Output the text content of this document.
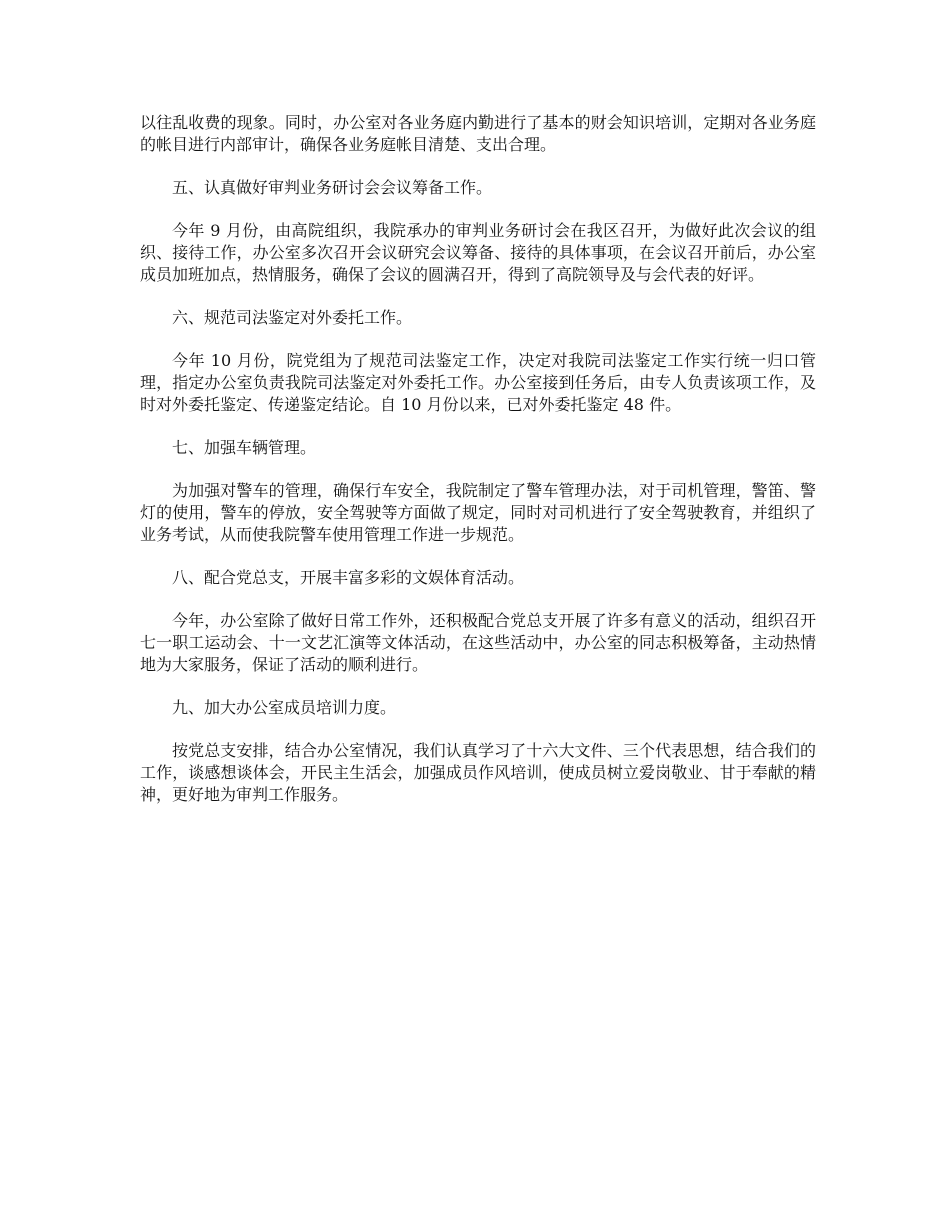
以往乱收费的现象。同时，办公室对各业务庭内勤进行了基本的财会知识培训，定期对各业务庭的帐目进行内部审计，确保各业务庭帐目清楚、支出合理。

五、认真做好审判业务研讨会会议筹备工作。

今年 9 月份，由高院组织，我院承办的审判业务研讨会在我区召开，为做好此次会议的组织、接待工作，办公室多次召开会议研究会议筹备、接待的具体事项，在会议召开前后，办公室成员加班加点，热情服务，确保了会议的圆满召开，得到了高院领导及与会代表的好评。

六、规范司法鉴定对外委托工作。

今年 10 月份，院党组为了规范司法鉴定工作，决定对我院司法鉴定工作实行统一归口管理，指定办公室负责我院司法鉴定对外委托工作。办公室接到任务后，由专人负责该项工作，及时对外委托鉴定、传递鉴定结论。自 10 月份以来，已对外委托鉴定 48 件。

七、加强车辆管理。

为加强对警车的管理，确保行车安全，我院制定了警车管理办法，对于司机管理，警笛、警灯的使用，警车的停放，安全驾驶等方面做了规定，同时对司机进行了安全驾驶教育，并组织了业务考试，从而使我院警车使用管理工作进一步规范。

八、配合党总支，开展丰富多彩的文娱体育活动。

今年，办公室除了做好日常工作外，还积极配合党总支开展了许多有意义的活动，组织召开七一职工运动会、十一文艺汇演等文体活动，在这些活动中，办公室的同志积极筹备，主动热情地为大家服务，保证了活动的顺利进行。

九、加大办公室成员培训力度。

按党总支安排，结合办公室情况，我们认真学习了十六大文件、三个代表思想，结合我们的工作，谈感想谈体会，开民主生活会，加强成员作风培训，使成员树立爱岗敬业、甘于奉献的精神，更好地为审判工作服务。
